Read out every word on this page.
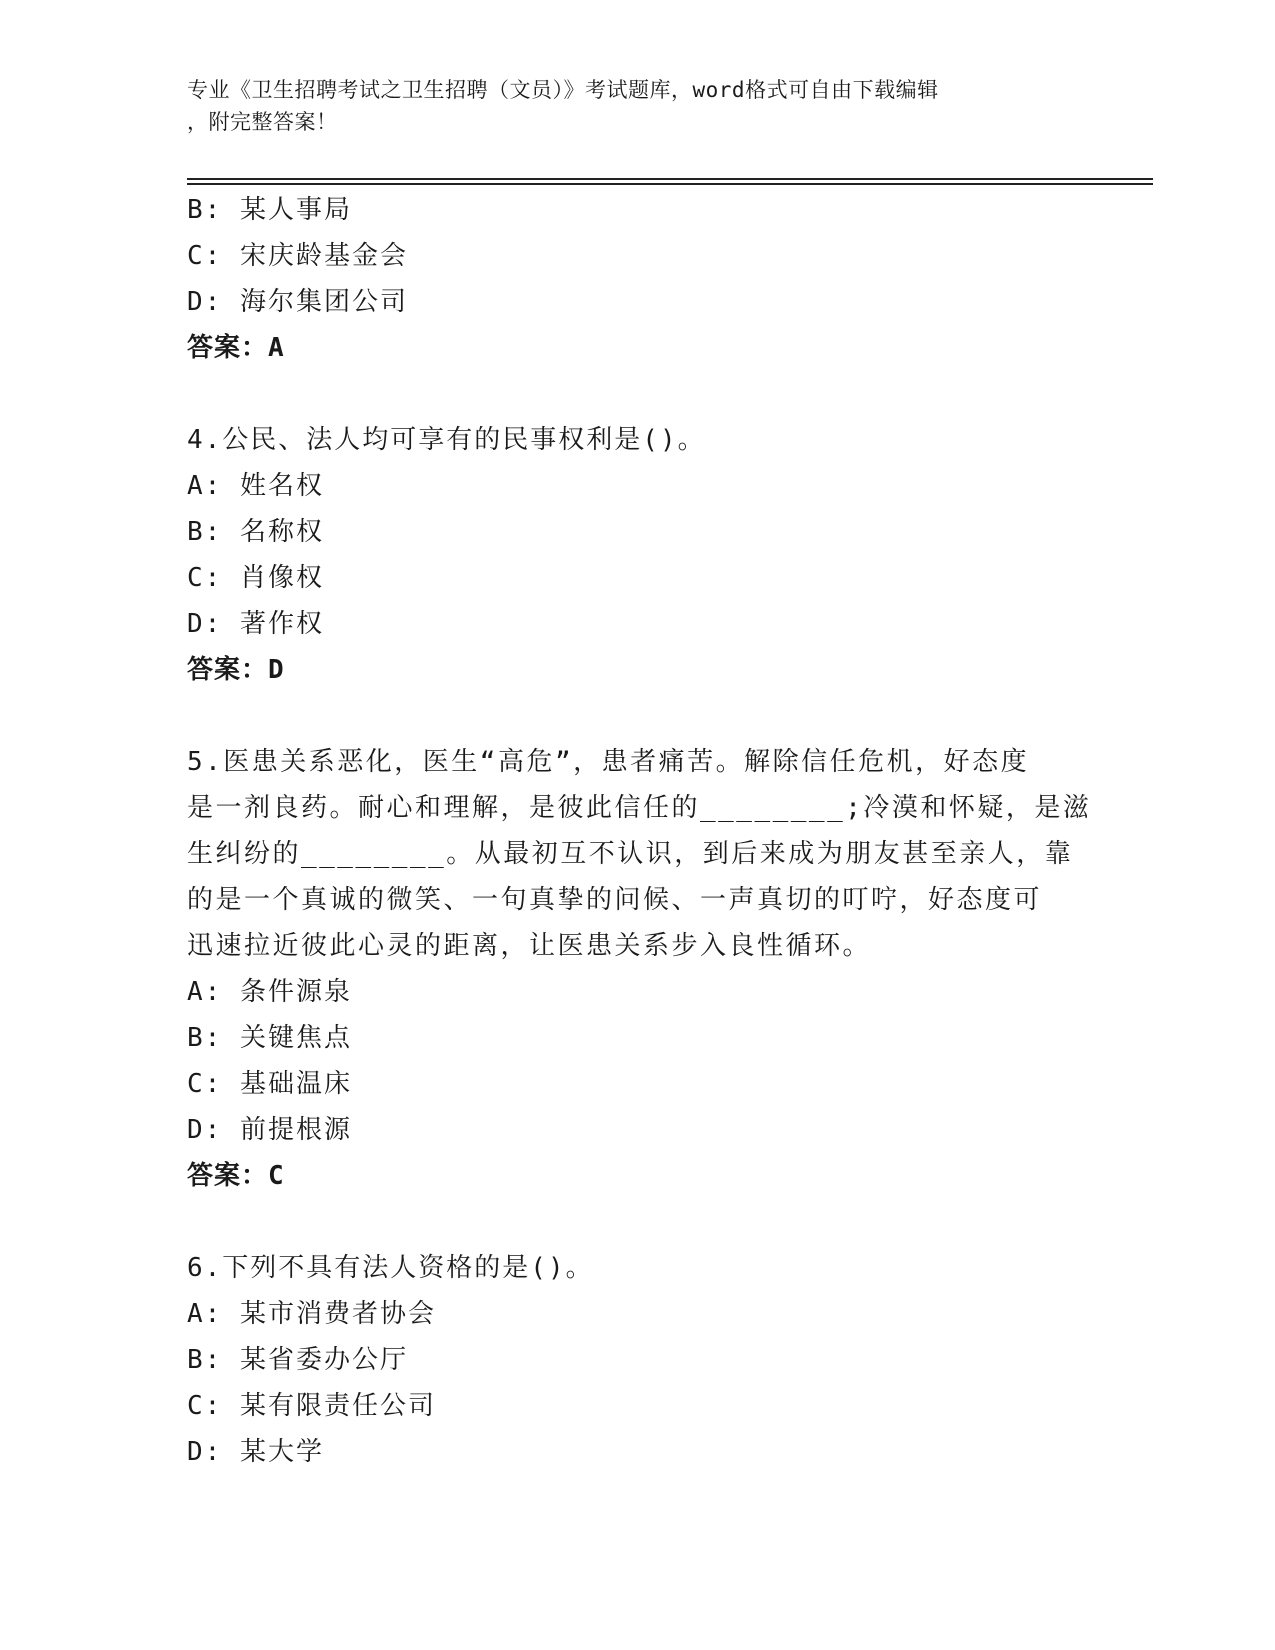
专业《卫生招聘考试之卫生招聘（文员）》考试题库，word格式可自由下载编辑
，附完整答案！
B: 某人事局
C: 宋庆龄基金会
D: 海尔集团公司
答案：A
4.公民、法人均可享有的民事权利是()。
A: 姓名权
B: 名称权
C: 肖像权
D: 著作权
答案：D
5.医患关系恶化，医生“高危”，患者痛苦。解除信任危机，好态度
是一剂良药。耐心和理解，是彼此信任的________;冷漠和怀疑，是滋
生纠纷的________。从最初互不认识，到后来成为朋友甚至亲人，靠
的是一个真诚的微笑、一句真挚的问候、一声真切的叮咛，好态度可
迅速拉近彼此心灵的距离，让医患关系步入良性循环。
A: 条件源泉
B: 关键焦点
C: 基础温床
D: 前提根源
答案：C
6.下列不具有法人资格的是()。
A: 某市消费者协会
B: 某省委办公厅
C: 某有限责任公司
D: 某大学
